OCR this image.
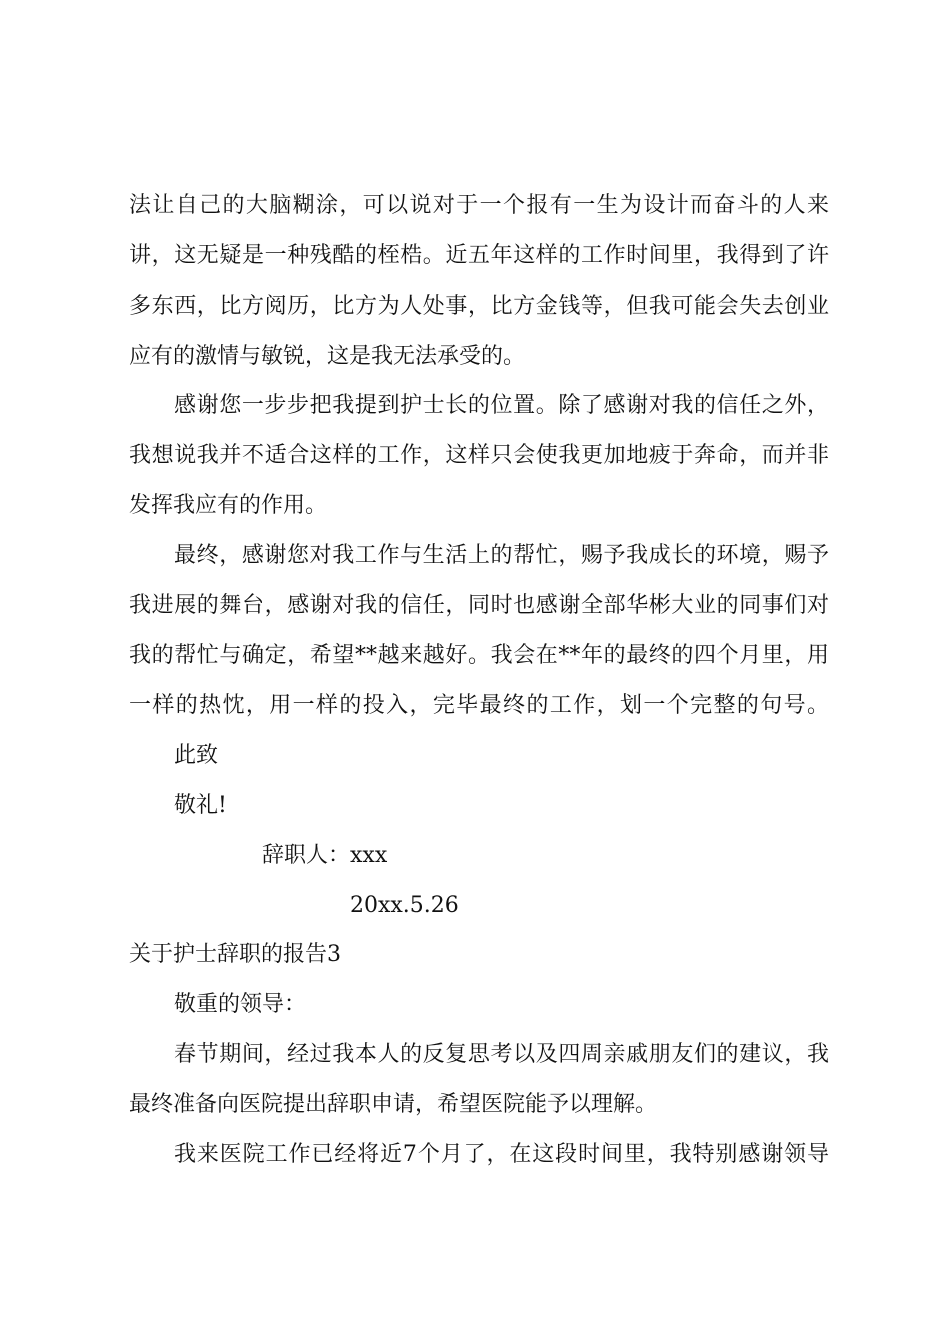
法让自己的大脑糊涂，可以说对于一个报有一生为设计而奋斗的人来
讲，这无疑是一种残酷的桎梏。近五年这样的工作时间里，我得到了许
多东西，比方阅历，比方为人处事，比方金钱等，但我可能会失去创业
应有的激情与敏锐，这是我无法承受的。
感谢您一步步把我提到护士长的位置。除了感谢对我的信任之外，
我想说我并不适合这样的工作，这样只会使我更加地疲于奔命，而并非
发挥我应有的作用。
最终，感谢您对我工作与生活上的帮忙，赐予我成长的环境，赐予
我进展的舞台，感谢对我的信任，同时也感谢全部华彬大业的同事们对
我的帮忙与确定，希望**越来越好。我会在**年的最终的四个月里，用
一样的热忱，用一样的投入，完毕最终的工作，划一个完整的句号。
此致
敬礼!
辞职人：xxx
20xx.5.26
关于护士辞职的报告3
敬重的领导：
春节期间，经过我本人的反复思考以及四周亲戚朋友们的建议，我
最终准备向医院提出辞职申请，希望医院能予以理解。
我来医院工作已经将近7个月了，在这段时间里，我特别感谢领导
